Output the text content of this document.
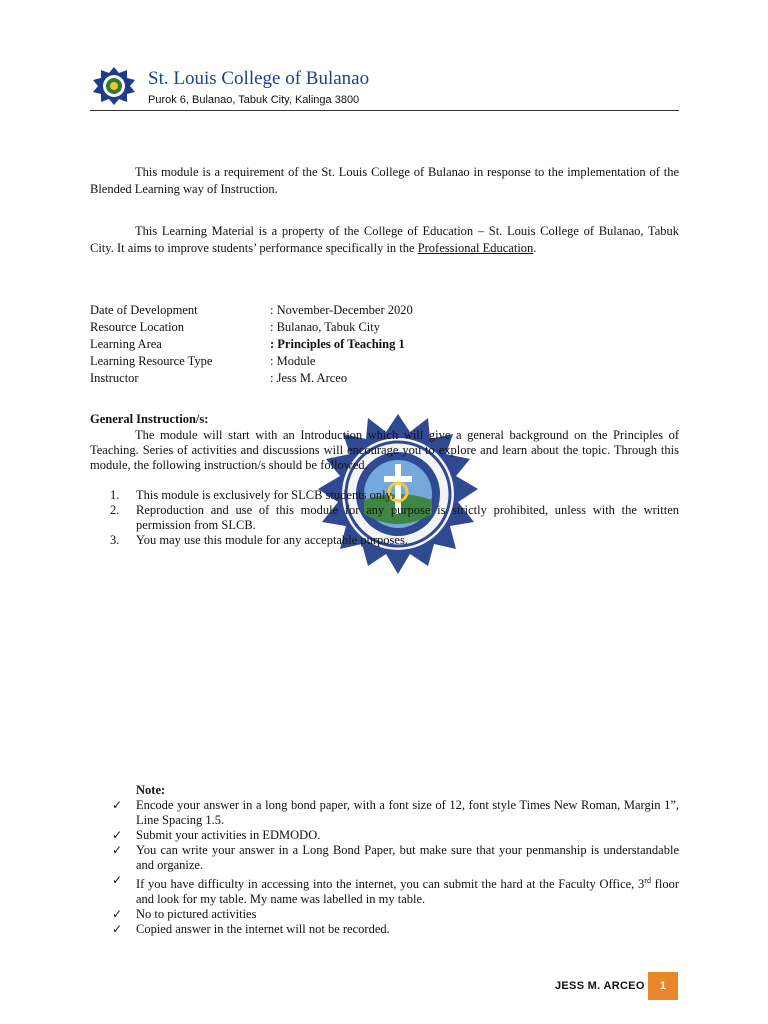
St. Louis College of Bulanao
Purok 6, Bulanao, Tabuk City, Kalinga 3800
This module is a requirement of the St. Louis College of Bulanao in response to the implementation of the Blended Learning way of Instruction.
This Learning Material is a property of the College of Education – St. Louis College of Bulanao, Tabuk City. It aims to improve students’ performance specifically in the Professional Education.
Date of Development	: November-December 2020
Resource Location	: Bulanao, Tabuk City
Learning Area	: Principles of Teaching 1
Learning Resource Type	: Module
Instructor	: Jess M. Arceo
General Instruction/s:
The module will start with an Introduction which will give a general background on the Principles of Teaching. Series of activities and discussions will encourage you to explore and learn about the topic. Through this module, the following instruction/s should be followed.
1.	This module is exclusively for SLCB students only.
2.	Reproduction and use of this module for any purpose is strictly prohibited, unless with the written permission from SLCB.
3.	You may use this module for any acceptable purposes.
Note:
✓	Encode your answer in a long bond paper, with a font size of 12, font style Times New Roman, Margin 1”, Line Spacing 1.5.
✓	Submit your activities in EDMODO.
✓	You can write your answer in a Long Bond Paper, but make sure that your penmanship is understandable and organize.
✓	If you have difficulty in accessing into the internet, you can submit the hard at the Faculty Office, 3rd floor and look for my table. My name was labelled in my table.
✓	No to pictured activities
✓	Copied answer in the internet will not be recorded.
JESS M. ARCEO	1
